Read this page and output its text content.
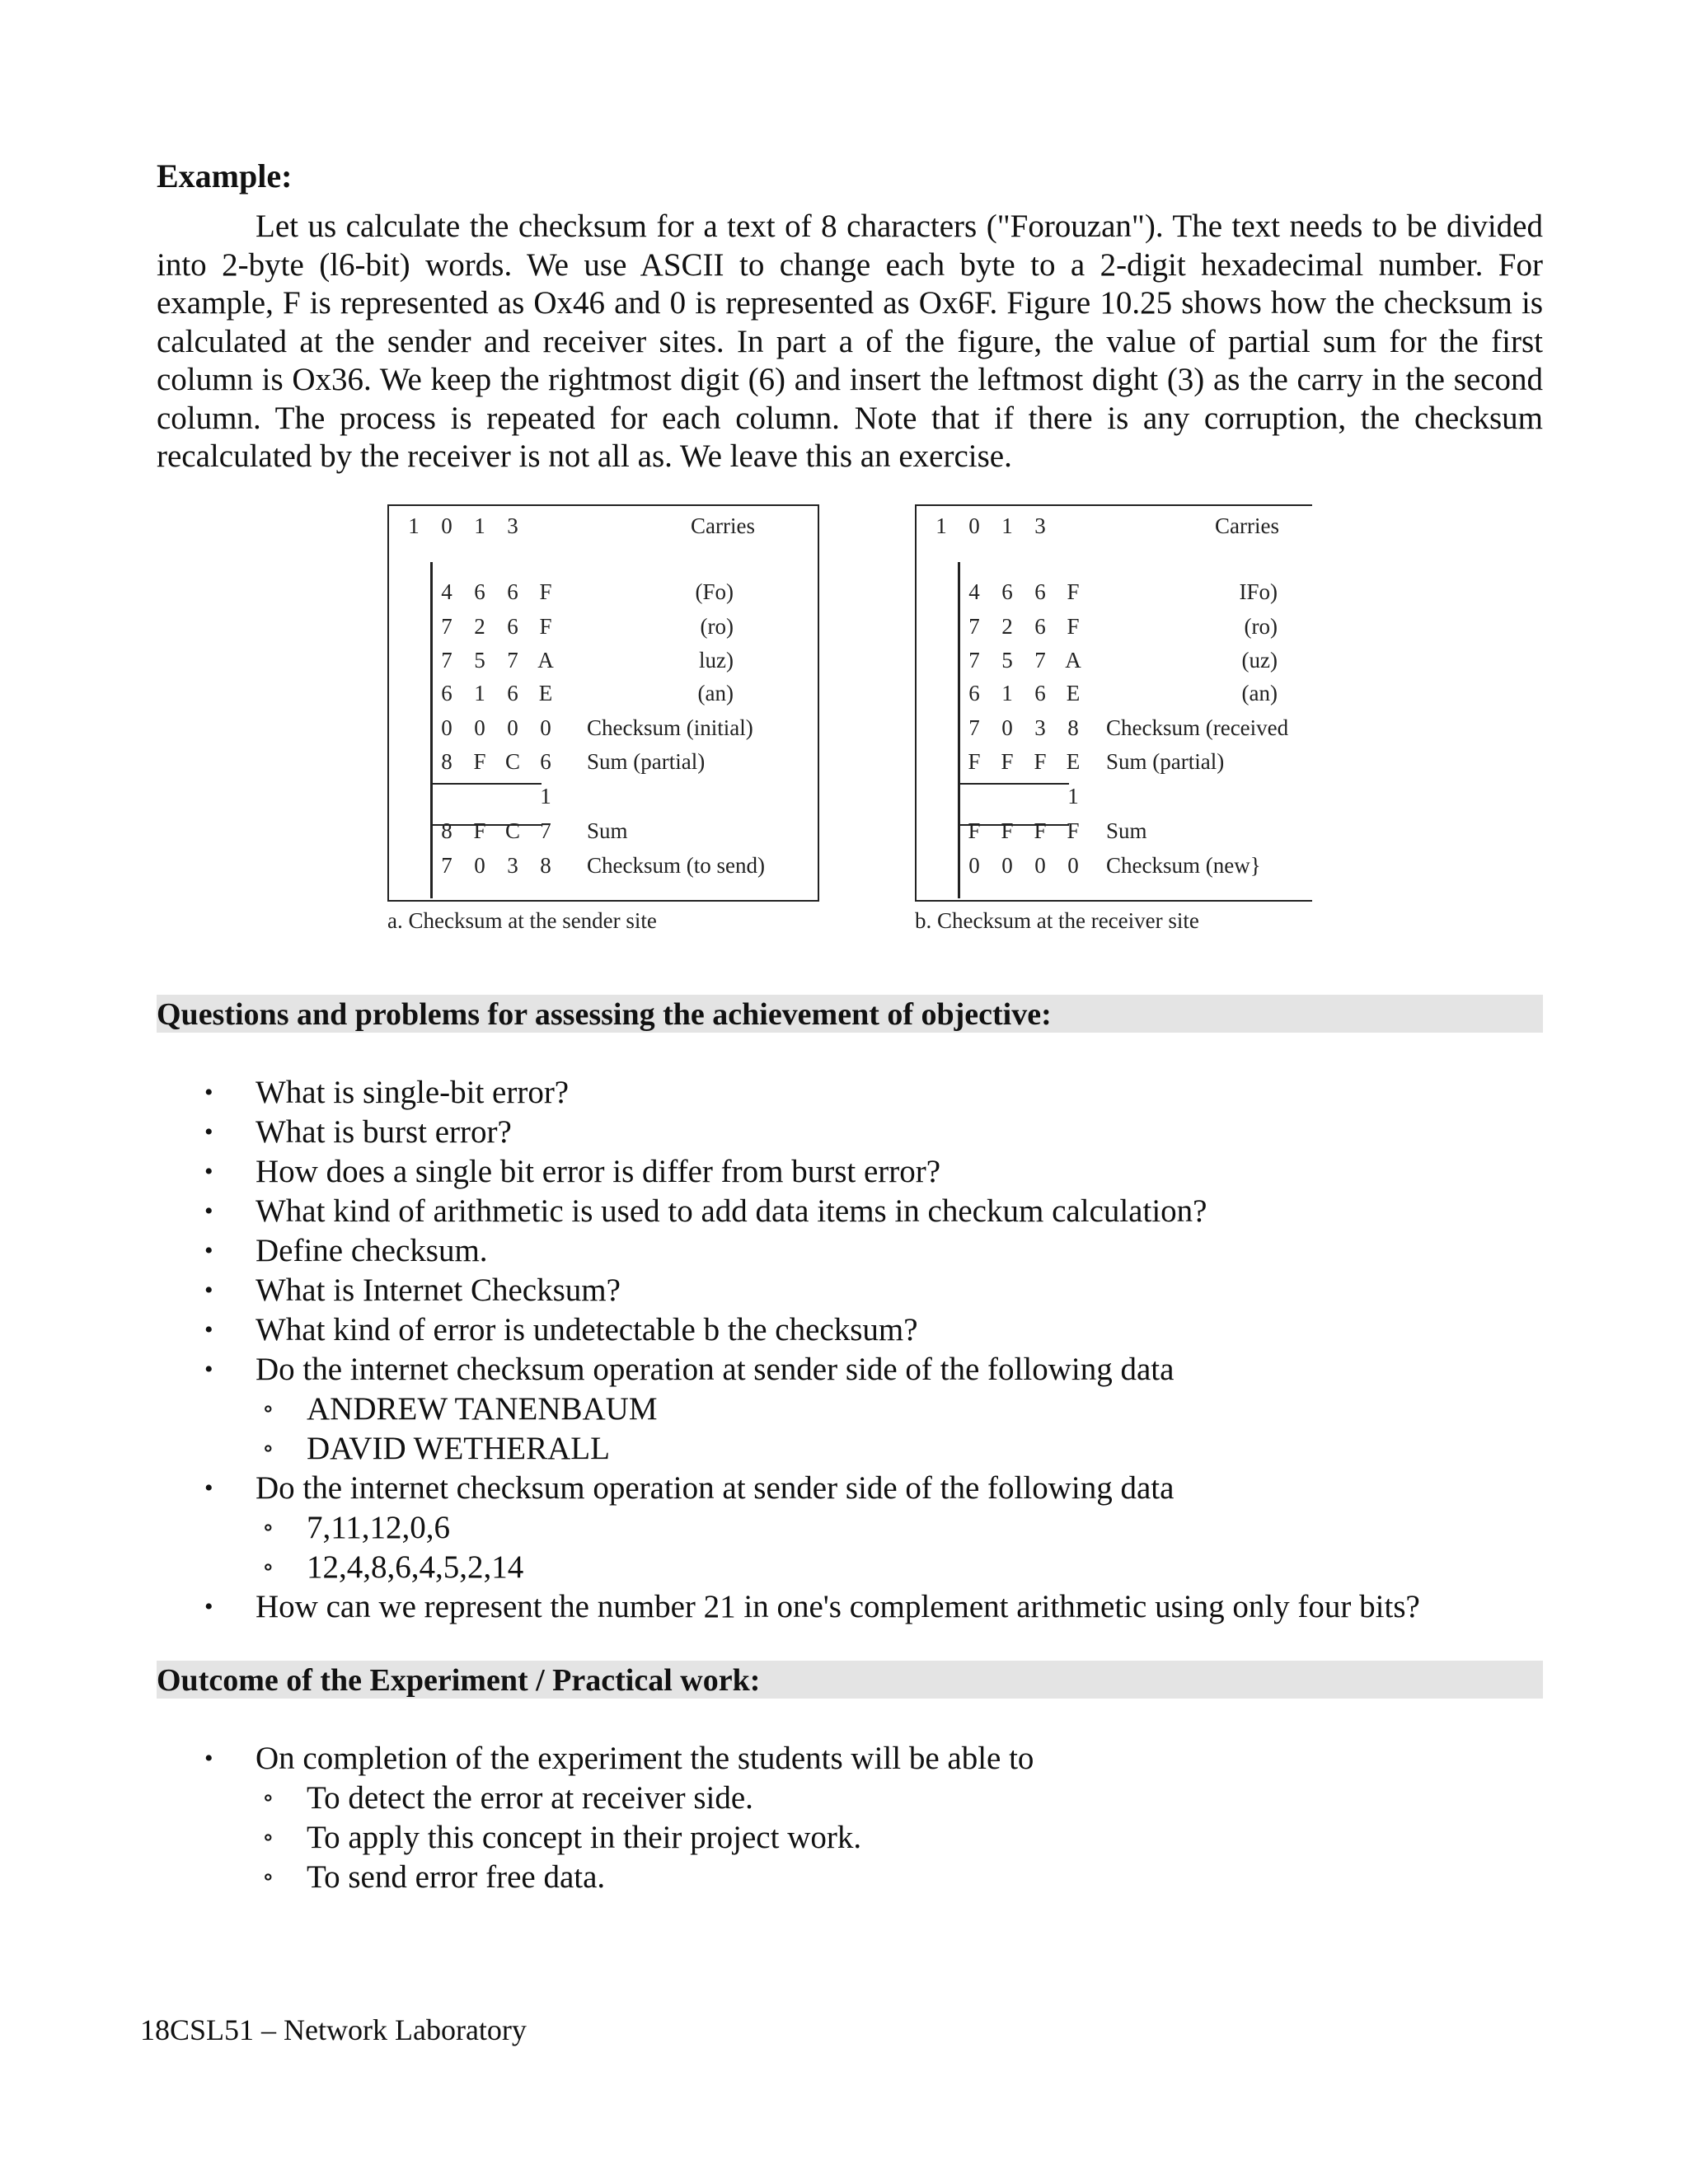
Example:

Let us calculate the checksum for a text of 8 characters ("Forouzan"). The text needs to be divided into 2-byte (l6-bit) words. We use ASCII to change each byte to a 2-digit hexadecimal number. For example, F is represented as Ox46 and 0 is represented as Ox6F. Figure 10.25 shows how the checksum is calculated at the sender and receiver sites. In part a of the figure, the value of partial sum for the first column is Ox36. We keep the rightmost digit (6) and insert the leftmost dight (3) as the carry in the second column. The process is repeated for each column. Note that if there is any corruption, the checksum recalculated by the receiver is not all as. We leave this an exercise.

1 0 1 3	Carries
4 6 6 F	(Fo)
7 2 6 F	(ro)
7 5 7 A	luz)
6 1 6 E	(an)
0 0 0 0	Checksum (initial)
8 F C 6	Sum (partial)
1
8 F C 7	Sum
7 0 3 8	Checksum (to send)
a. Checksum at the sender site
1 0 1 3	Carries
4 6 6 F	IFo)
7 2 6 F	(ro)
7 5 7 A	(uz)
6 1 6 E	(an)
7 0 3 8	Checksum (received
F F F E	Sum (partial)
1
F F F F	Sum
0 0 0 0	Checksum (new}
b. Checksum at the receiver site
Questions and problems for assessing the achievement of objective:
• What is single-bit error?
• What is burst error?
• How does a single bit error is differ from burst error?
• What kind of arithmetic is used to add data items in checkum calculation?
• Define checksum.
• What is Internet Checksum?
• What kind of error is undetectable b the checksum?
• Do the internet checksum operation at sender side of the following data
∘ ANDREW TANENBAUM
∘ DAVID WETHERALL
• Do the internet checksum operation at sender side of the following data
∘ 7,11,12,0,6
∘ 12,4,8,6,4,5,2,14
• How can we represent the number 21 in one's complement arithmetic using only four bits?
Outcome of the Experiment / Practical work:
• On completion of the experiment the students will be able to
∘ To detect the error at receiver side.
∘ To apply this concept in their project work.
∘ To send error free data.
18CSL51 – Network Laboratory
